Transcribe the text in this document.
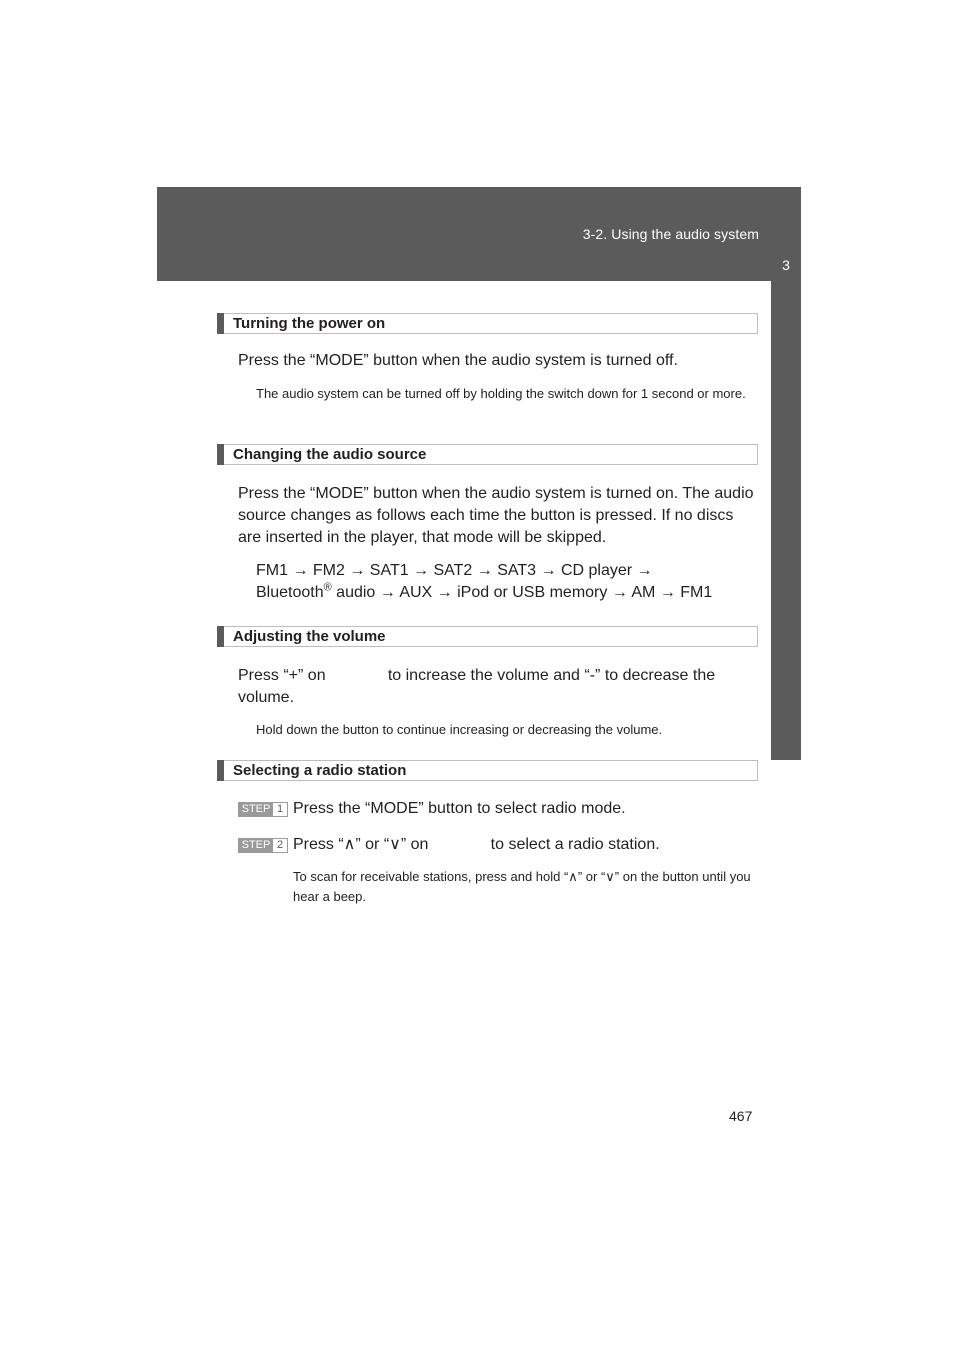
3-2. Using the audio system
3
Interior features
Turning the power on
Press the “MODE” button when the audio system is turned off.
The audio system can be turned off by holding the switch down for 1 second or more.
Changing the audio source
Press the “MODE” button when the audio system is turned on. The audio source changes as follows each time the button is pressed. If no discs are inserted in the player, that mode will be skipped.
FM1 → FM2 → SAT1 → SAT2 → SAT3 → CD player →
Bluetooth® audio → AUX → iPod or USB memory → AM → FM1
Adjusting the volume
Press “+” on              to increase the volume and “-” to decrease the volume.
Hold down the button to continue increasing or decreasing the volume.
Selecting a radio station
STEP 1 Press the “MODE” button to select radio mode.
STEP 2 Press “∧” or “∨” on              to select a radio station.
To scan for receivable stations, press and hold “∧” or “∨” on the button until you hear a beep.
467
